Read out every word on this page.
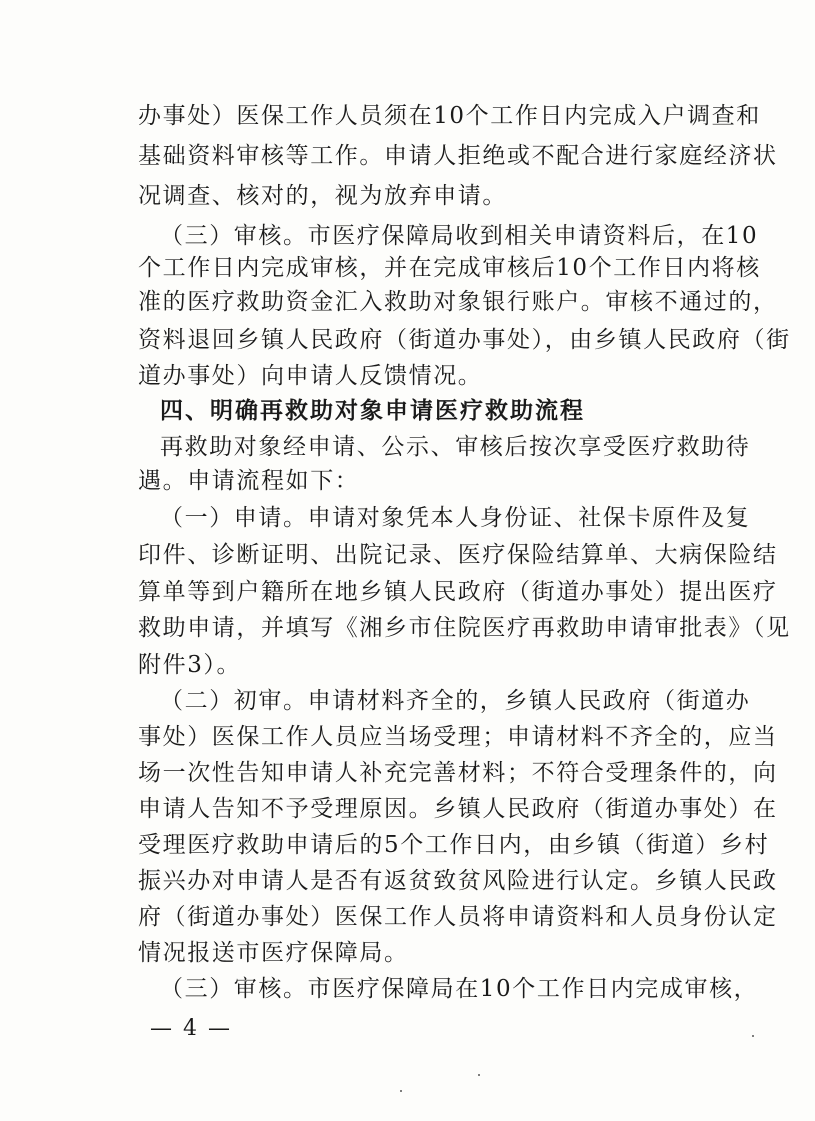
办事处）医保工作人员须在10个工作日内完成入户调查和
基础资料审核等工作。申请人拒绝或不配合进行家庭经济状
况调查、核对的，视为放弃申请。
（三）审核。市医疗保障局收到相关申请资料后，在10
个工作日内完成审核，并在完成审核后10个工作日内将核
准的医疗救助资金汇入救助对象银行账户。审核不通过的，
资料退回乡镇人民政府（街道办事处），由乡镇人民政府（街
道办事处）向申请人反馈情况。
四、明确再救助对象申请医疗救助流程
再救助对象经申请、公示、审核后按次享受医疗救助待
遇。申请流程如下：
（一）申请。申请对象凭本人身份证、社保卡原件及复
印件、诊断证明、出院记录、医疗保险结算单、大病保险结
算单等到户籍所在地乡镇人民政府（街道办事处）提出医疗
救助申请，并填写《湘乡市住院医疗再救助申请审批表》（见
附件3）。
（二）初审。申请材料齐全的，乡镇人民政府（街道办
事处）医保工作人员应当场受理；申请材料不齐全的，应当
场一次性告知申请人补充完善材料；不符合受理条件的，向
申请人告知不予受理原因。乡镇人民政府（街道办事处）在
受理医疗救助申请后的5个工作日内，由乡镇（街道）乡村
振兴办对申请人是否有返贫致贫风险进行认定。乡镇人民政
府（街道办事处）医保工作人员将申请资料和人员身份认定
情况报送市医疗保障局。
（三）审核。市医疗保障局在10个工作日内完成审核，
— 4 —
